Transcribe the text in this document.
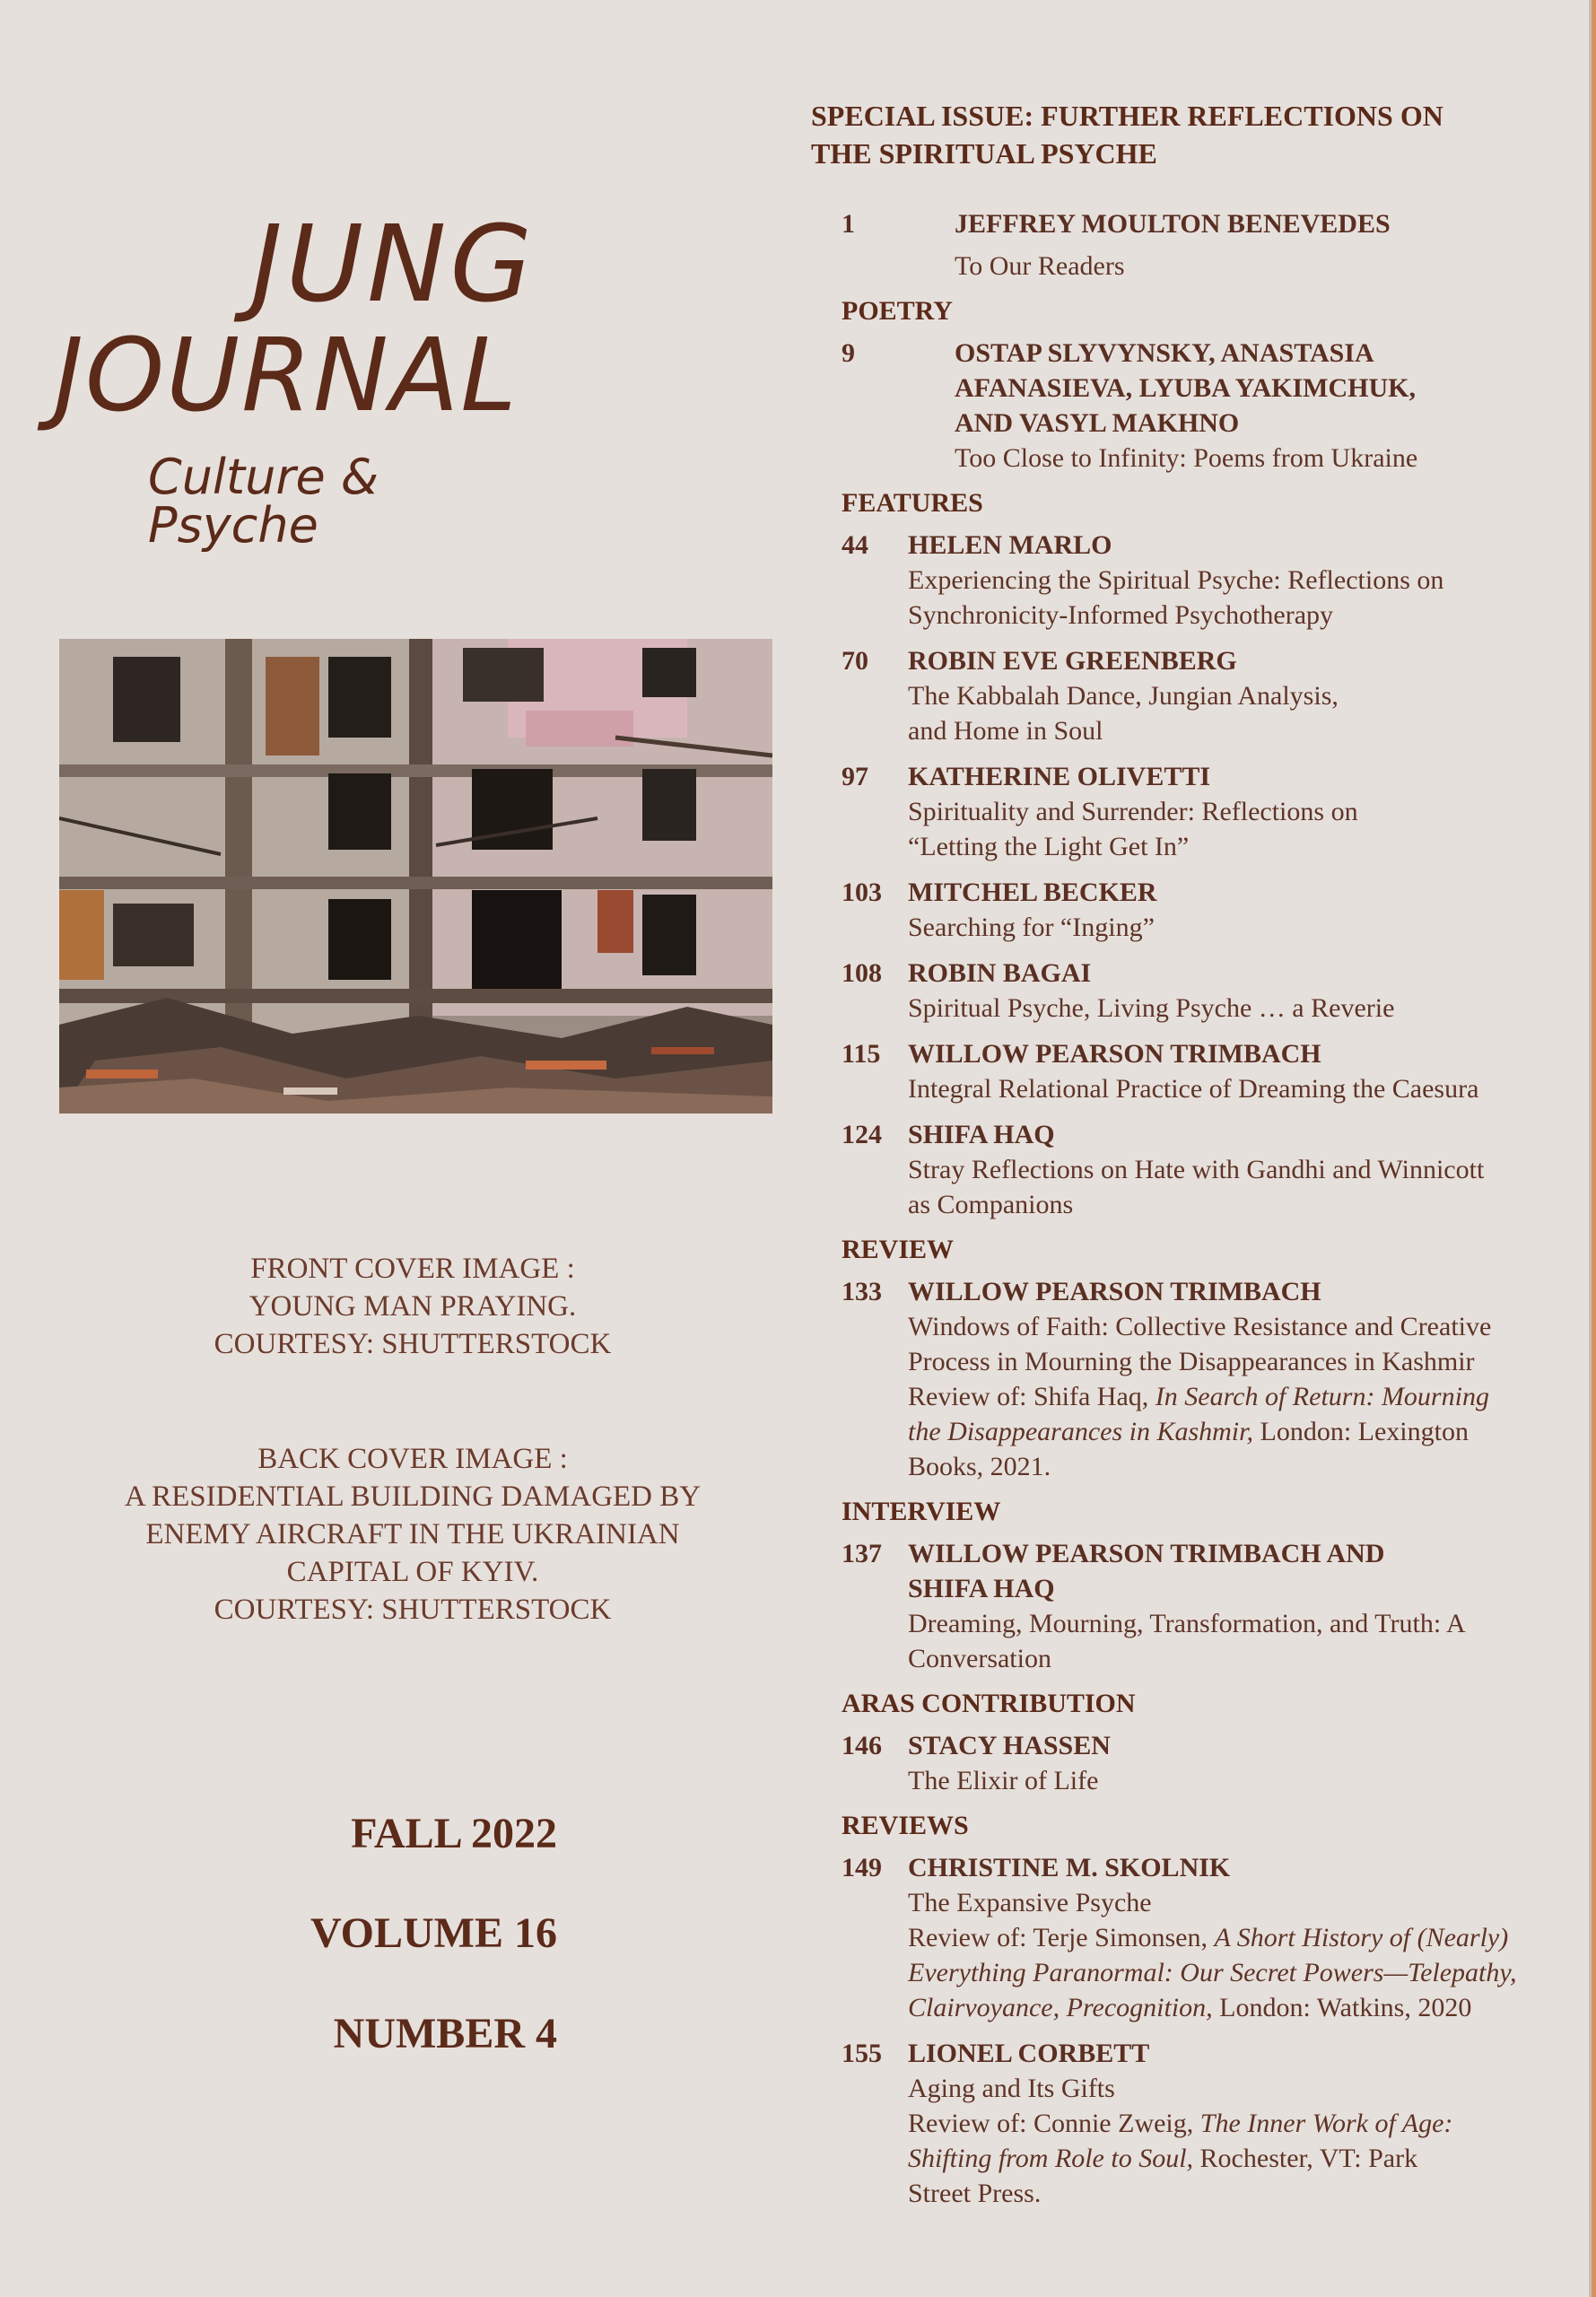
JUNG
JOURNAL
Culture & Psyche
FRONT COVER IMAGE :
YOUNG MAN PRAYING.
COURTESY: SHUTTERSTOCK
BACK COVER IMAGE :
A RESIDENTIAL BUILDING DAMAGED BY
ENEMY AIRCRAFT IN THE UKRAINIAN
CAPITAL OF KYIV.
COURTESY: SHUTTERSTOCK
FALL 2022
VOLUME 16
NUMBER 4
SPECIAL ISSUE: FURTHER REFLECTIONS ON
THE SPIRITUAL PSYCHE
1	JEFFREY MOULTON BENEVEDES
To Our Readers
POETRY
9	OSTAP SLYVYNSKY, ANASTASIA
AFANASIEVA, LYUBA YAKIMCHUK,
AND VASYL MAKHNO
Too Close to Infinity: Poems from Ukraine
FEATURES
44	HELEN MARLO
Experiencing the Spiritual Psyche: Reflections on
Synchronicity-Informed Psychotherapy
70	ROBIN EVE GREENBERG
The Kabbalah Dance, Jungian Analysis,
and Home in Soul
97	KATHERINE OLIVETTI
Spirituality and Surrender: Reflections on
“Letting the Light Get In”
103 MITCHEL BECKER
Searching for “Inging”
108 ROBIN BAGAI
Spiritual Psyche, Living Psyche … a Reverie
115	WILLOW PEARSON TRIMBACH
Integral Relational Practice of Dreaming the Caesura
124 SHIFA HAQ
Stray Reflections on Hate with Gandhi and Winnicott
as Companions
REVIEW
133 WILLOW PEARSON TRIMBACH
Windows of Faith: Collective Resistance and Creative
Process in Mourning the Disappearances in Kashmir
Review of: Shifa Haq, In Search of Return: Mourning
the Disappearances in Kashmir, London: Lexington
Books, 2021.
INTERVIEW
137 WILLOW PEARSON TRIMBACH AND
SHIFA HAQ
Dreaming, Mourning, Transformation, and Truth: A
Conversation
ARAS CONTRIBUTION
146 STACY HASSEN
The Elixir of Life
REVIEWS
149 CHRISTINE M. SKOLNIK
The Expansive Psyche
Review of: Terje Simonsen, A Short History of (Nearly)
Everything Paranormal: Our Secret Powers—Telepathy,
Clairvoyance, Precognition, London: Watkins, 2020
155 LIONEL CORBETT
Aging and Its Gifts
Review of: Connie Zweig, The Inner Work of Age:
Shifting from Role to Soul, Rochester, VT: Park
Street Press.
